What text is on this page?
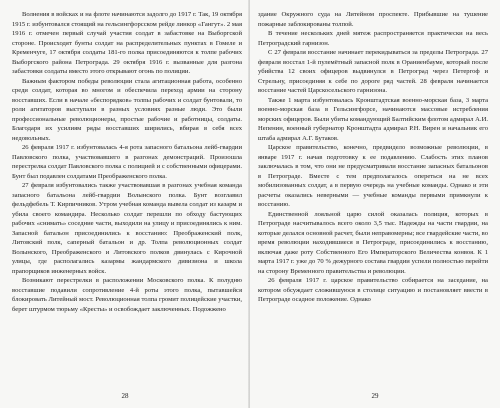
Волнения в войсках и на флоте начинаются задолго до 1917 г. Так, 19 октября 1915 г. избунтовался стоящий на гельсингфорсском рейде линкор «Гангут». 2 мая 1916 г. отмечен первый случай участия солдат в забастовке на Выборгской стороне. Происходят бунты солдат на распределительных пунктах в Гомеле и Кременчуге, 17 октября солдаты 181-го полка присоединяются к толпе рабочих Выборгского района Петрограда. 29 октября 1916 г. вызванные для разгона забастовки солдаты вместо этого открывают огонь по полиции.

Важным фактором победы революции стала агитационная работа, особенно среди солдат, которая во многом и обеспечила переход армии на сторону восставших. Если в начале «беспорядков» толпы рабочих и солдат бунтовали, то роли агитаторов выступали в разных условиях разные люди. Это были профессиональные революционеры, простые рабочие и работницы, солдаты. Благодаря их усилиям ряды восставших ширились, вбирая в себя всех недовольных.

26 февраля 1917 г. избунтовалась 4-я рота запасного батальона лейб-гвардии Павловского полка, участвовавшего в разгонах демонстраций. Произошла перестрелка солдат Павловского полка с полицией и с собственными офицерами. Бунт был подавлен солдатами Преображенского полка.

27 февраля избунтовались также участвовавшая в разгонах учебная команда запасного батальона лейб-гвардии Волынского полка. Бунт возглавил фельдфебель Т. Кирпичников. Утром учебная команда вывела солдат из казарм и убила своего командира. Несколько солдат перешли по обходу бастующих рабочих «снимать» соседние части, выходили на улицу и присоединялись к ним. Запасной батальон присоединились к восстанию: Преображенский полк, Литовский полк, саперный батальон и др. Толпа революционных солдат Волынского, Преображенского и Литовского полков двинулась с Кирочной улицы, где располагались казармы жандармского дивизиона и школа прапорщиков инженерных войск.

Возникают перестрелки в расположении Московского полка. К полудню восставшие подавили сопротивление 4-й роты этого полка, пытавшейся блокировать Литейный мост. Революционная толпа громит полицейские участки, берет штурмом тюрьму «Кресты» и освобождает заключенных. Подожжено

28

здание Окружного суда на Литейном проспекте. Прибывшие на тушение пожарные заблокированы толпой.

В течение нескольких дней мятеж распространяется практически на весь Петроградский гарнизон.

С 27 февраля восстание начинает перекидываться за пределы Петрограда. 27 февраля восстал 1-й пулемётный запасной полк в Ораниенбауме, который после убийства 12 своих офицеров выдвинулся в Петроград через Петергоф и Стрельну, присоединяя к себе по дороге ряд частей. 28 февраля начинается восстание частей Царскосельского гарнизона.

Также 1 марта избунтовалась Кронштадтская военно-морская база, 3 марта военно-морская база в Гельсингфорсе, начинаются массовые истребления морских офицеров. Были убиты командующий Балтийским флотом адмирал А.И. Непенин, военный губернатор Кронштадта адмирал Р.Н. Вирен и начальник его штаба адмирал А.Г. Бутаков.

Царское правительство, конечно, предвидело возможные революции, в январе 1917 г. начав подготовку к ее подавлению. Слабость этих планов заключалась в том, что они не предусматривали восстание запасных батальонов в Петрограде. Вместе с тем предполагалось опереться на не всех мобилизованных солдат, а в первую очередь на учебные команды. Однако и эти расчеты оказались неверными — учебные команды первыми примкнули к восстанию.

Единственной лояльной царю силой оказалась полиция, которых в Петрограде насчитывалось всего около 3,5 тыс. Надежды на части гвардии, на которые делался основной расчет, были неправомерны; все гвардейские части, во время революции находившиеся в Петрограде, присоединились к восстанию, включая даже роту Собственного Его Императорского Величества конвоя. К 1 марта 1917 г. уже до 70 % дежурного состава гвардии успели полностью перейти на сторону Временного правительства и революции.

26 февраля 1917 г. царское правительство собирается на заседание, на котором обсуждает сложившуюся в столице ситуацию и постановляет ввести в Петрограде осадное положение. Однако

29
